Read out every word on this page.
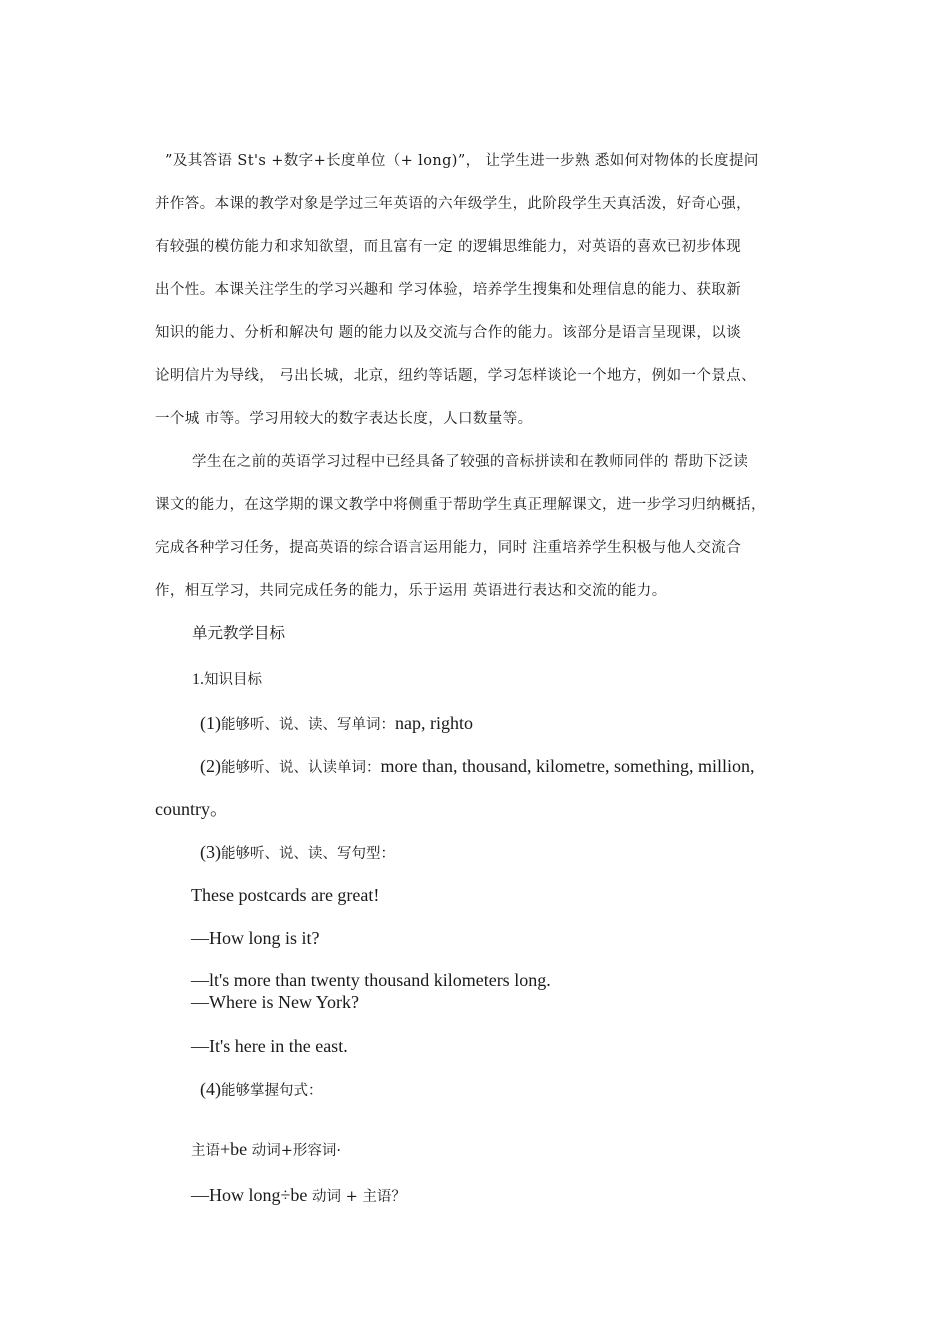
”及其答语 St's +数字+长度单位（+ long)”， 让学生进一步熟 悉如何对物体的长度提问
并作答。本课的教学对象是学过三年英语的六年级学生，此阶段学生天真活泼，好奇心强，
有较强的模仿能力和求知欲望，而且富有一定 的逻辑思维能力，对英语的喜欢已初步体现
出个性。本课关注学生的学习兴趣和 学习体验，培养学生搜集和处理信息的能力、获取新
知识的能力、分析和解决句 题的能力以及交流与合作的能力。该部分是语言呈现课，以谈
论明信片为导线， 弓出长城，北京，纽约等话题，学习怎样谈论一个地方，例如一个景点、
一个城 市等。学习用较大的数字表达长度，人口数量等。
学生在之前的英语学习过程中已经具备了较强的音标拼读和在教师同伴的 帮助下泛读
课文的能力，在这学期的课文教学中将侧重于帮助学生真正理解课文，进一步学习归纳概括，
完成各种学习任务，提高英语的综合语言运用能力，同时 注重培养学生积极与他人交流合
作，相互学习，共同完成任务的能力，乐于运用 英语进行表达和交流的能力。
单元教学目标
1.知识目标
(1)能够听、说、读、写单词：nap, righto
(2)能够听、说、认读单词：more than, thousand, kilometre, something, million,
country。
(3)能够听、说、读、写句型：
These postcards are great!
—How long is it?
—lt's more than twenty thousand kilometers long.
—Where is New York?
—It's here in the east.
(4)能够掌握句式：
主语+be 动词+形容词·
—How long÷be 动词 + 主语？
